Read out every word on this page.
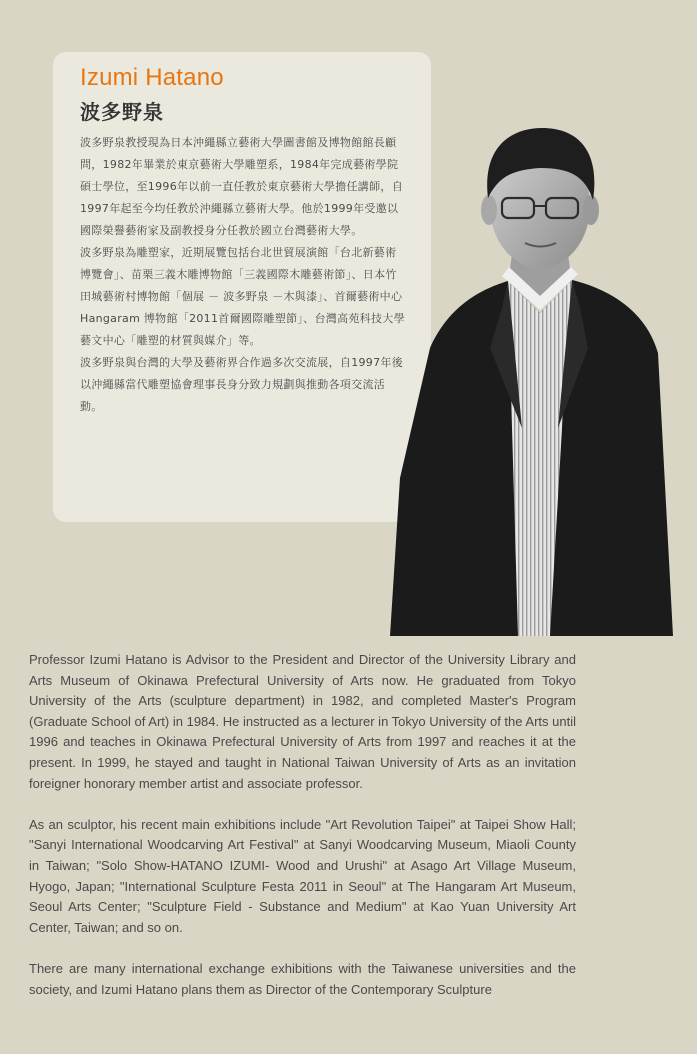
Izumi Hatano
波多野泉

波多野泉教授現為日本沖繩縣立藝術大學圖書館及博物館館長顧問，1982年畢業於東京藝術大學雕塑系，1984年完成藝術學院碩士學位，至1996年以前一直任教於東京藝術大學擔任講師，自1997年起至今均任教於沖繩縣立藝術大學。他於1999年受邀以國際榮譽藝術家及副教授身分任教於國立台灣藝術大學。

波多野泉為雕塑家，近期展覽包括台北世貿展演館「台北新藝術博覽會」、苗栗三義木雕博物館「三義國際木雕藝術節」、日本竹田城藝術村博物館「個展 － 波多野泉 －木與漆」、首爾藝術中心Hangaram 博物館「2011首爾國際雕塑節」、台灣高苑科技大學藝文中心「雕塑的材質與媒介」等。

波多野泉與台灣的大學及藝術界合作過多次交流展，自1997年後以沖繩縣當代雕塑協會理事長身分致力規劃與推動各項交流活動。

Professor Izumi Hatano is Advisor to the President and Director of the University Library and Arts Museum of Okinawa Prefectural University of Arts now. He graduated from Tokyo University of the Arts (sculpture department) in 1982, and completed Master's Program (Graduate School of Art) in 1984. He instructed as a lecturer in Tokyo University of the Arts until 1996 and teaches in Okinawa Prefectural University of Arts from 1997 and reaches it at the present. In 1999, he stayed and taught in National Taiwan University of Arts as an invitation foreigner honorary member artist and associate professor.

As an sculptor, his recent main exhibitions include "Art Revolution Taipei" at Taipei Show Hall; "Sanyi International Woodcarving Art Festival" at Sanyi Woodcarving Museum, Miaoli County in Taiwan; "Solo Show-HATANO IZUMI- Wood and Urushi" at Asago Art Village Museum, Hyogo, Japan; "International Sculpture Festa 2011 in Seoul" at The Hangaram Art Museum, Seoul Arts Center; "Sculpture Field - Substance and Medium" at Kao Yuan University Art Center, Taiwan; and so on.

There are many international exchange exhibitions with the Taiwanese universities and the society, and Izumi Hatano plans them as Director of the Contemporary Sculpture
